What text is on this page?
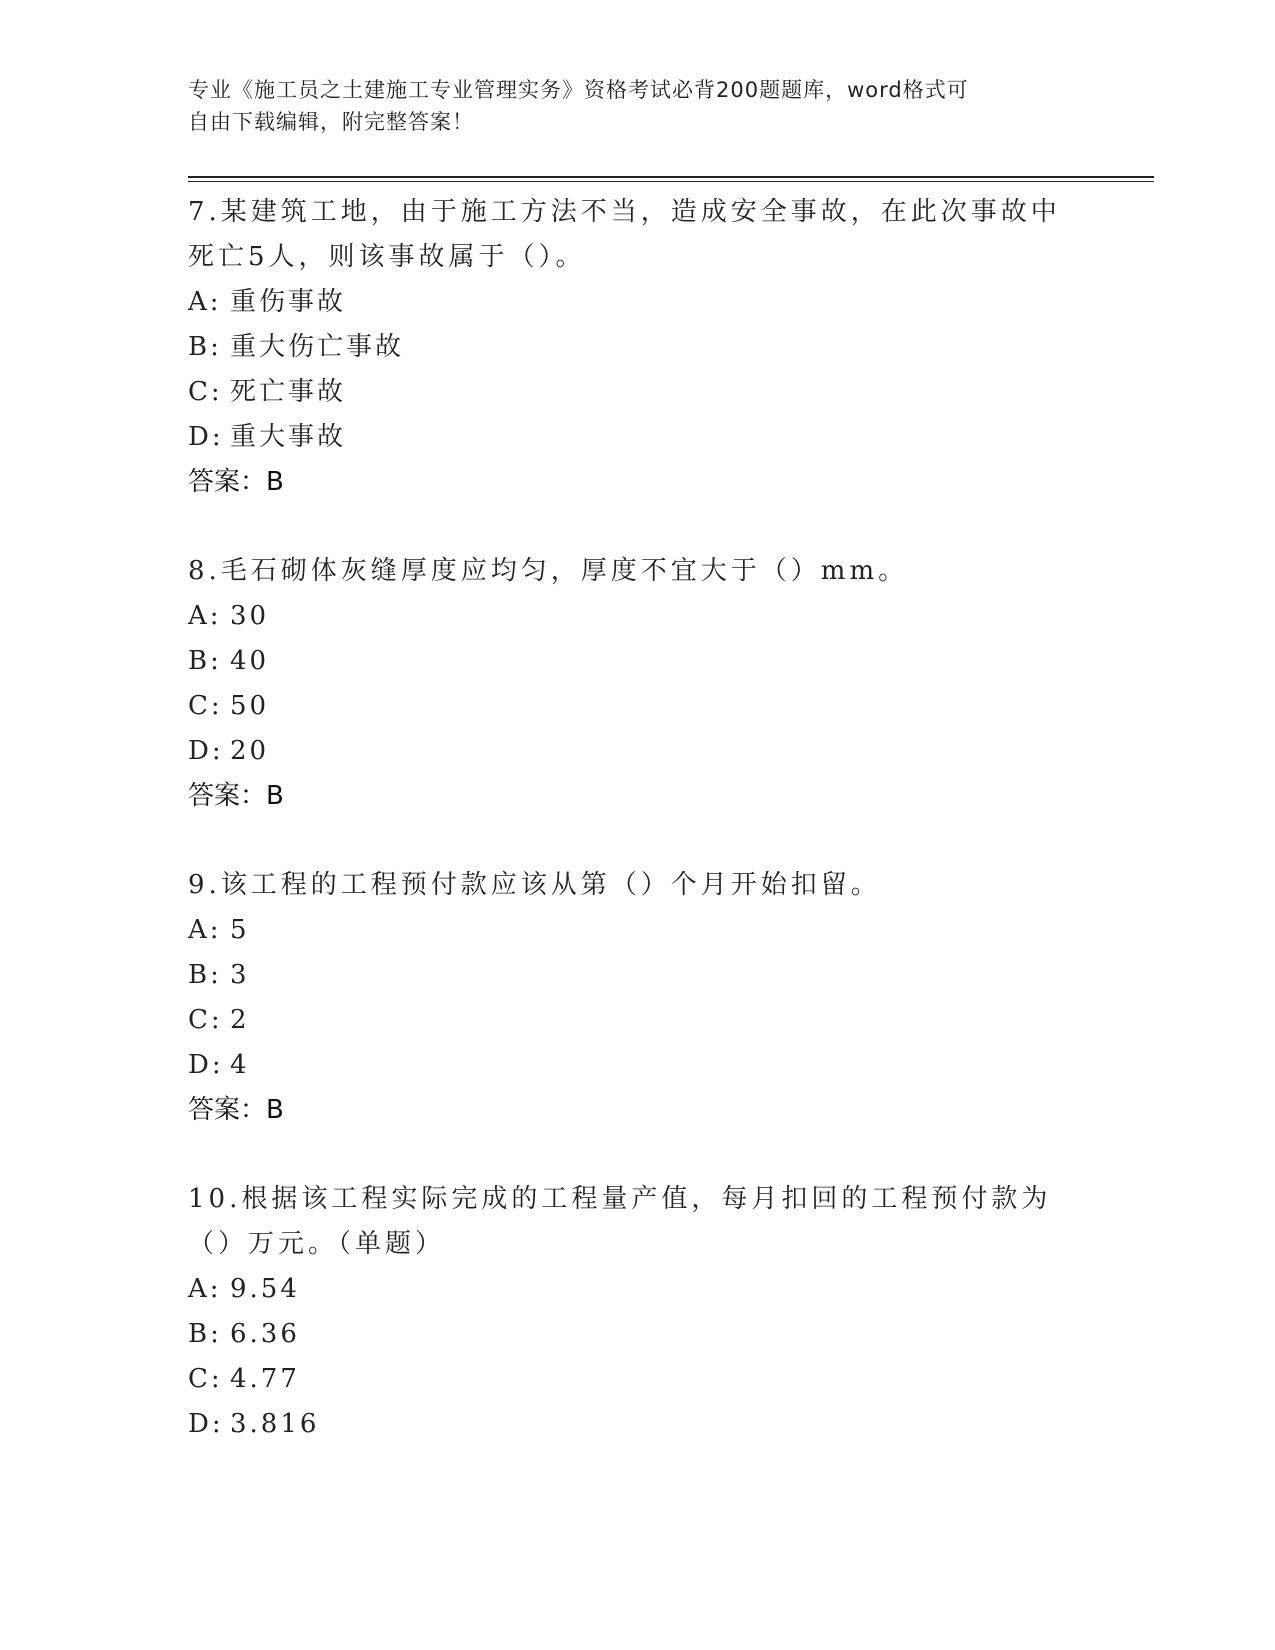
专业《施工员之土建施工专业管理实务》资格考试必背200题题库，word格式可
自由下载编辑，附完整答案！
7.某建筑工地，由于施工方法不当，造成安全事故，在此次事故中死亡5人，则该事故属于（）。
A: 重伤事故
B: 重大伤亡事故
C: 死亡事故
D: 重大事故
答案：B
8.毛石砌体灰缝厚度应均匀，厚度不宜大于（）mm。
A: 30
B: 40
C: 50
D: 20
答案：B
9.该工程的工程预付款应该从第（）个月开始扣留。
A: 5
B: 3
C: 2
D: 4
答案：B
10.根据该工程实际完成的工程量产值，每月扣回的工程预付款为（）万元。（单题）
A: 9.54
B: 6.36
C: 4.77
D: 3.816
